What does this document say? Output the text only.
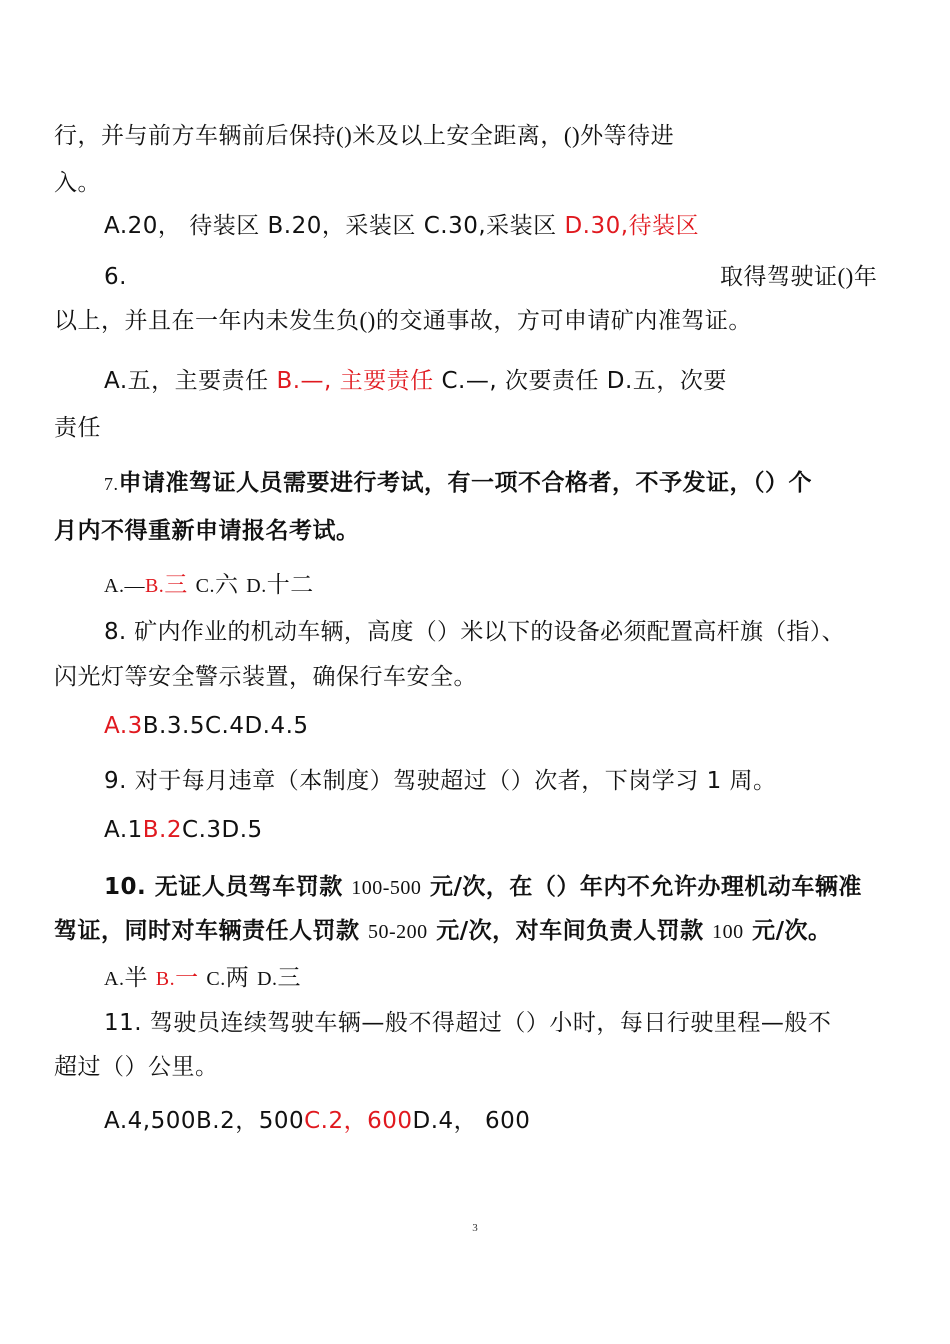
行，并与前方车辆前后保持()米及以上安全距离，()外等待进
入。
A.20， 待装区 B.20，采装区 C.30,采装区 D.30,待装区
6.	取得驾驶证()年
以上，并且在一年内未发生负()的交通事故，方可申请矿内准驾证。
A.五，主要责任 B.—, 主要责任 C.—, 次要责任 D.五，次要
责任
7.申请准驾证人员需要进行考试，有一项不合格者，不予发证，（）个
月内不得重新申请报名考试。
A.—B.三 C.六 D.十二
8. 矿内作业的机动车辆，高度（）米以下的设备必须配置高杆旗（指）、
闪光灯等安全警示装置，确保行车安全。
A.3B.3.5C.4D.4.5
9. 对于每月违章（本制度）驾驶超过（）次者，下岗学习 1 周。
A.1B.2C.3D.5
10. 无证人员驾车罚款 100-500 元/次，在（）年内不允许办理机动车辆准
驾证，同时对车辆责任人罚款 50-200 元/次，对车间负责人罚款 100 元/次。
A.半 B.一 C.两 D.三
11. 驾驶员连续驾驶车辆—般不得超过（）小时，每日行驶里程—般不
超过（）公里。
A.4,500B.2，500C.2，600D.4， 600
3
